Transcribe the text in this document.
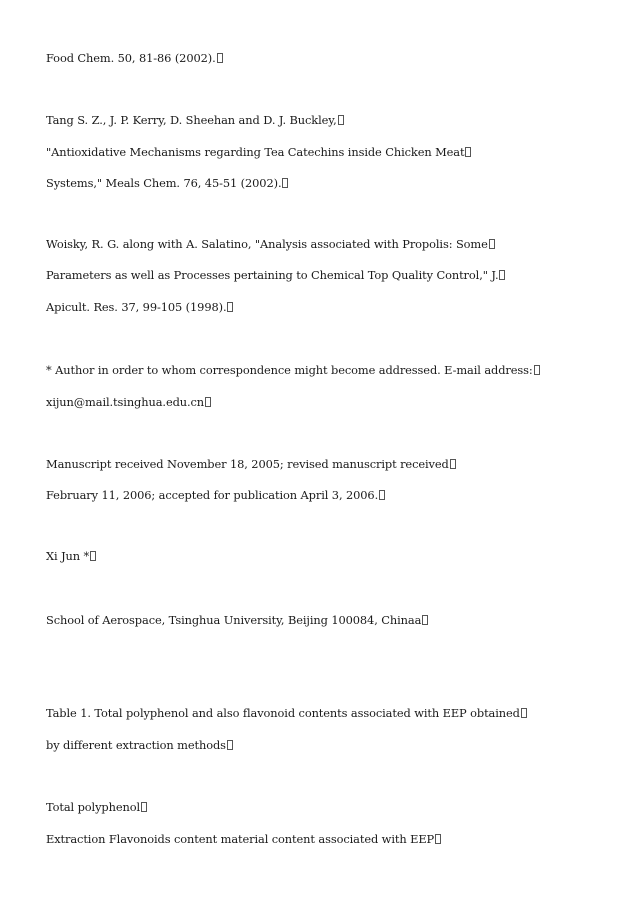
Food Chem. 50, 81-86 (2002).
Tang S. Z., J. P. Kerry, D. Sheehan and D. J. Buckley,
"Antioxidative Mechanisms regarding Tea Catechins inside Chicken Meat
Systems," Meals Chem. 76, 45-51 (2002).
Woisky, R. G. along with A. Salatino, "Analysis associated with Propolis: Some
Parameters as well as Processes pertaining to Chemical Top Quality Control," J.
Apicult. Res. 37, 99-105 (1998).
* Author in order to whom correspondence might become addressed. E-mail address:
xijun@mail.tsinghua.edu.cn
Manuscript received November 18, 2005; revised manuscript received
February 11, 2006; accepted for publication April 3, 2006.
Xi Jun *
School of Aerospace, Tsinghua University, Beijing 100084, Chinaa
Table 1. Total polyphenol and also flavonoid contents associated with EEP obtained
by different extraction methods
Total polyphenol
Extraction Flavonoids content material content associated with EEP
